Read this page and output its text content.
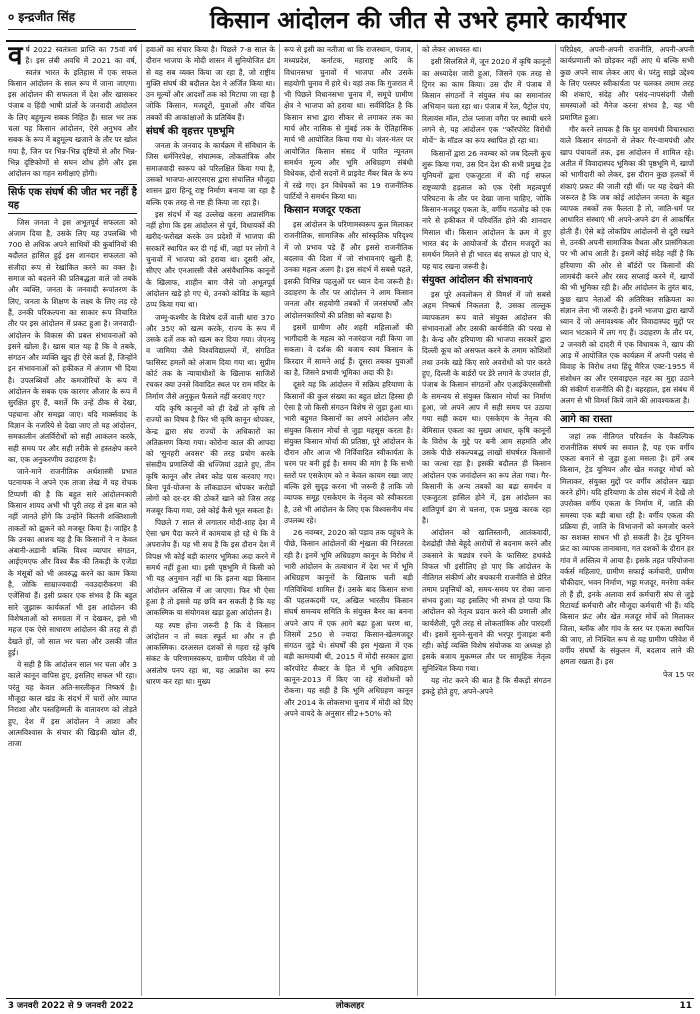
० इन्द्रजीत सिंह	किसान आंदोलन की जीत से उभरे हमारे कार्यभार

वर्ष 2022 स्वतंत्रता प्राप्ति का 75वां वर्ष है। इस लंबी अवधि में 2021 का वर्ष, स्वतंत्र भारत के इतिहास में एक सफल किसान आंदोलन के साल रूप में जाना जाएगा। इस आंदोलन की सफलता में देश और खासकर पंजाब व हिंदी भाषी प्रांतों के जनवादी आंदोलन के लिए बहुमूल्य सबक निहित हैं। साल भर तक चला यह किसान आंदोलन, ऐसे अनुभव और सबक के रूप में बहुमूल्य खजाने के तौर पर खोल गया है, जिन पर भिन्न-भिन्न दृष्टियों से और भिन्न-भिन्न दृष्टिकोणों से सघन शोध होंगे और इस आंदोलन का गहन समीक्षाएं होंगी।

सिर्फ एक संघर्ष की जीत भर नहीं है यह

जिस जनता ने इस अभूतपूर्व सफलता को अंजाम दिया है, उसके लिए यह उपलब्धि भी 700 से अधिक अपने साथियों की कुर्बानियों की बदौलत हासिल हुई इस शानदार सफलता को संजीदा रूप से रेखांकित करने का वक्त है। समाज को बदलने की प्रतिबद्धता वाले जो तबके और व्यक्ति, जनता के जनवादी रूपांतरण के लिए, जनता के शिक्षण के लक्ष्य के लिए लड़ रहे हैं, उनकी परिकल्पना का साकार रूप विचारित तौर पर इस आंदोलन में प्रकट हुआ है। जनवादी-आंदोलन के विकास की प्रबल संभावनाओं को इसने खोला है। खास बात यह है कि वे तबके, संगठन और व्यक्ति खुद ही ऐसे कर्ता हैं, जिन्होंने इन संभावनाओं को हकीकत में अंजाम भी दिया है। उपलब्धियों और कमजोरियों के रूप में आंदोलन के सबक एक कारगर औजार के रूप में सुरक्षित हुए हैं, बशर्ते कि उन्हें ठीक से देखा, पहचाना और समझा जाए। यदि मार्क्सवाद के विज्ञान के नजरिये से देखा जाए तो यह आंदोलन, समकालीन अंतर्विरोधों को सही आकलन करके, सही समय पर और सही तरीके से हस्तक्षेप करने का, एक अनुकरणीय उदाहरण है।

जाने-माने राजनीतिक अर्थशास्त्री प्रभात पटनायक ने अपने एक ताजा लेख में यह रोचक टिप्पणी की है कि बहुत सारे आंदोलनकारी किसान शायद अभी भी पूरी तरह से इस बात को नहीं जानते होंगे कि उन्होंने कितनी शक्तिशाली ताकतों को झुकने को मजबूर किया है। जाहिर है कि उनका आशय यह है कि किसानों ने न केवल अंबानी-अडानी बल्कि विश्व व्यापार संगठन, आईएमएफ और विश्व बैंक की तिकड़ी के एजेंडा के मंसूबों को भी अवरुद्ध करने का काम किया है, जोकि साम्राज्यवादी नवउदारीकरण की एजेंसियां हैं। इसी प्रकार एक संभव है कि बहुत सारे जुझारू कार्यकर्ता भी इस आंदोलन की विशेषताओं को समग्रता में न देखकर, इसे भी महज एक ऐसे साधारण आंदोलन की तरह से ही देखते हों, जो साल भर चला और उसकी जीत हुई।

ये सही है कि आंदोलन साल भर चला और 3 काले कानून वापिस हुए, इसलिए सफल भी रहा। परंतु यह केवल अति-सरलीकृत निष्कर्ष है। मौजूदा काल खंड के संदर्भ में चारों ओर व्याप्त निराशा और पस्तहिम्मती के वातावरण को तोड़ते हुए, देश में इस आंदोलन ने आशा और आत्मविश्वास के संचार की खिड़की खोल दी, ताजा

हवाओं का संचार किया है। पिछले 7-8 साल के दौरान भाजपा के मोदी शासन में सुनियोजित ढंग से यह सब व्यक्त किया जा रहा है, जो राष्ट्रीय मुक्ति संघर्ष की बदौलत देश ने अर्जित किया था। उन मूल्यों और आदर्शों तक को मिटाया जा रहा है जोकि किसान, मजदूरों, युवाओं और वंचित तबकों की आकांक्षाओं के प्रतिबिंब हैं।

संघर्ष की वृहत्तर पृष्ठभूमि

जनता के जनवाद के कार्यक्रम में संविधान के जिस धर्मनिरपेक्ष, संघात्मक, लोकतांत्रिक और समाजवादी स्वरूप को परिलक्षित किया गया है, उसको भाजपा-आरएसएस द्वारा संचालित मौजूदा शासन द्वारा हिन्दू राष्ट्र निर्माण बनाया जा रहा है बल्कि एक तरह से नष्ट ही किया जा रहा है।

इस संदर्भ में यह उल्लेख करना अप्रासंगिक नहीं होगा कि इस आंदोलन से पूर्व, विधायकों की खरीद-फरोख्त करके उन प्रदेशों में भाजपा की सरकारें स्थापित कर दी गई थीं, जहां पर लोगों ने चुनावों में भाजपा को हराया था। दूसरी ओर, सीएए और एनआरसी जैसे असंवैधानिक कानूनों के खिलाफ, शाहीन बाग जैसे जो अभूतपूर्व आंदोलन खड़े हो गए थे, उनको कोविड के बहाने ठप्प किया गया था।

जम्मू-कश्मीर के विशेष दर्जे वाली धारा 370 और 35ए को खत्म करके, राज्य के रूप में उसके दर्जे तक को खत्म कर दिया गया। जेएनयू व जामिया जैसे विश्वविद्यालयों में, संगठित फासिस्ट हमलों को अंजाम दिया गया था। सुप्रीम कोर्ट तक के न्यायाधीशों के खिलाफ साजिशें रचकर क्या उनसे विवादित स्थल पर राम मंदिर के निर्माण जैसे अनुकूल फैसले नहीं करवाए गए?

यदि कृषि कानूनों को ही देखें तो कृषि तो राज्यों का विषय है फिर भी कृषि कानून थोपकर, केन्द्र द्वारा संघ राज्यों के अधिकारों का अतिक्रमण किया गया। कोरोना काल की आपदा को 'सुनहरी अवसर' की तरह प्रयोग करके संसदीय प्रणालियों की धज्जियां उड़ाते हुए, तीन कृषि कानून और लेबर कोड पास करवाए गए। बिना पूर्व-योजना के लॉकडाउन थोपकर करोड़ों लोगों को दर-दर की ठोकरें खाने को जिस तरह मजबूर किया गया, उसे कोई कैसे भूल सकता है।

पिछले 7 साल से लगातार मोदी-शाह देश में ऐसा भ्रम पैदा करने में कामयाब हो रहे थे कि वे अपराजेय हैं। यह भी सच है कि इस दौरान देश में विपक्ष भी कोई बड़ी कारगर भूमिका अदा करने में समर्थ नहीं हुआ था। इसी पृष्ठभूमि में किसी को भी यह अनुमान नहीं था कि इतना बड़ा किसान आंदोलन अस्तित्व में आ जाएगा। फिर भी ऐसा हुआ है तो इससे यह छवि बन सकती है कि यह आकस्मिक या संयोगवश खड़ा हुआ आंदोलन है।

यह स्पष्ट होना जरूरी है कि ये किसान आंदोलन न तो स्वतः स्फूर्त था और न ही आकस्मिक। दरअसल दशकों से गहरा रहे कृषि संकट के परिणामस्वरूप, ग्रामीण परिवेश में जो असंतोष पनप रहा था, यह आक्रोश का रूप धारण कर रहा था। मुख्य

रूप से इसी का नतीजा था कि राजस्थान, पंजाब, मध्यप्रदेश, कर्नाटक, महाराष्ट्र आदि के विधानसभा चुनावों में भाजपा और उसके सहयोगी चुनाव में हारे थे। यहां तक कि गुजरात में भी पिछले विधानसभा चुनाव में, समूचे ग्रामीण क्षेत्र ने भाजपा को हराया था। सर्वविदित है कि किसान सभा द्वारा सीकर से लगाकर तक का मार्च और नासिक से मुंबई तक के ऐतिहासिक मार्च भी आयोजित किया गया थे। जंतर-मंतर पर आयोजित किसान संसद में पारित न्यूनतम समर्थन मूल्य और भूमि अधिग्रहण संबंधी विधेयक, दोनों सदनों में प्राइवेट मैंबर बिल के रूप में रखे गए। इन विधेयकों का 19 राजनीतिक पार्टियों ने समर्थन किया था।

किसान मजदूर एकता

इस आंदोलन के परिणामस्वरूप कुल मिलाकर राजनीतिक, सामाजिक और सांस्कृतिक परिदृश्य में जो प्रभाव पड़े हैं और इससे राजनीतिक बदलाव की दिशा में जो संभावनाएं खुली हैं, उनका महत्व अलग है। इस संदर्भ में सबसे पहले, इसकी विभिन्न पहलुओं पर ध्यान देना जरूरी है। उदाहरण के तौर पर आंदोलन ने आम किसान जनता और सहयोगी तबकों में जनसंघर्षों और आंदोलनकारियों की प्रतिष्ठा को बढ़ाया है।

इसमें ग्रामीण और शहरी महिलाओं की भागीदारी के महत्व को नजरंदाज नहीं किया जा सकता। वे दर्शक की बजाय स्वयं किसान के किरदार में सामने आई हैं। दूसरा तबका युवाओं का है, जिसने प्रभावी भूमिका अदा की है।

दूसरे यह कि आंदोलन में सक्रिय हरियाणा के किसानों की कुल संख्या का बहुत छोटा हिस्सा ही ऐसा है जो किसी संगठन विशेष से जुड़ा हुआ था। भारी बहुमत किसानों का अपने आंदोलन और संयुक्त किसान मोर्चा से जुड़ा महसूस करता है। संयुक्त किसान मोर्चा की प्रतिष्ठा, पूरे आंदोलन के दौरान और आज भी निर्विवादित स्वीकार्यता के चरम पर बनी हुई है। समय की मांग है कि सभी स्तरों पर एसकेएम को न केवल कायम रखा जाए बल्कि इसे सुदृढ़ करना भी जरूरी है ताकि जो व्यापक समूह एसकेएम के नेतृत्व को स्वीकारता है, उसे भी आंदोलन के लिए एक विश्वसनीय मंच उपलब्ध रहे।

26 नवम्बर, 2020 को पड़ाव तक पहुंचने के पीछे, किसान आंदोलनों की शृंखला की निरंतरता रही है। इनमें भूमि अधिग्रहण कानून के विरोध में भारी आंदोलन के तत्वाधान में देश भर में भूमि अधिग्रहण कानूनों के खिलाफ चली बड़ी गतिविधियां शामिल हैं। उसके बाद किसान सभा की पहलकदमी पर, अखिल भारतीय किसान संघर्ष समन्वय समिति के संयुक्त बैनर का बनना अपने आप में एक आगे बढ़ा हुआ चरण था, जिसमें 250 से ज्यादा किसान-खेतमजदूर संगठन जुड़े थे। संघर्षों की इस शृंखला में एक बड़ी कामयाबी थी, 2015 में मोदी सरकार द्वारा कॉरपोरेट सैक्टर के हित में भूमि अधिग्रहण कानून-2013 में किए जा रहे संशोधनों को रोकना। यह सही है कि भूमि अधिग्रहण कानून और 2014 के लोकसभा चुनाव में मोदी को दिए अपने वायदे के अनुसार सी2+50% को

को लेकर आश्वस्त था।

इसी सिलसिले में, जून 2020 में कृषि कानूनों का अध्यादेश जारी हुआ, जिसने एक तरह से ट्रिगर का काम किया। उस दौर में पंजाब में किसान संगठनों ने संयुक्त मंच का समानांतर अभियान चला रहा था। पंजाब में रेल, पैट्रोल पंप, रिलायंस मॉल, टोल प्लाजा वगैरा पर स्थायी धरने लगने से, यह आंदोलन एक ''कॉरपोरेट विरोधी मोर्चे'' के मॉडल का रूप स्थापित हो रहा था।

किसानों द्वारा 26 नवम्बर को जब दिल्ली कूच शुरू किया गया, उस दिन देश की सभी प्रमुख ट्रेड यूनियनों द्वारा एकजुटता में की गई सफल राष्ट्रव्यापी हड़ताल को एक ऐसी महत्वपूर्ण परिघटना के तौर पर देखा जाना चाहिए, जोकि किसान-मजदूर एकता के, वर्गीय गठजोड़ को एक नारे से हकीकत में परिवर्तित होने की शानदार मिसाल थी। किसान आंदोलन के क्रम में हुए भारत बंद के आयोजनों के दौरान मजदूरों का समर्थन मिलने से ही भारत बंद सफल हो पाए थे, यह याद रखना जरूरी है।

संयुक्त आंदोलन की संभावनाएं

इस पूरे अवलोकन से विमर्श में जो सबसे अहम निष्कर्ष निकलता है, उसका ताल्लुक व्यापकतम रूप वाले संयुक्त आंदोलन की संभावनाओं और उसकी कार्यनीति की परख से है। केन्द्र और हरियाणा की भाजपा सरकारें द्वारा दिल्ली कूच को असफल करने के तमाम कोशिशों तथा उनके खड़े किए सारे अवरोधों को पार करते हुए, दिल्ली के बार्डरों पर डेरे लगाने के उपरांत ही, पंजाब के किसान संगठनों और एआईकेएससीसी के समन्वय से संयुक्त किसान मोर्चा का निर्माण हुआ, जो अपने आप में सही समय पर उठाया गया सही कदम था। एसकेएम के नेतृत्व की बेमिसाल एकता का मुख्य आधार, कृषि कानूनों के विरोध के मुद्दे पर बनी आम सहमति और उसके पीछे संकल्पबद्ध लाखों संघर्षरत किसानों का जत्था रहा है। इसकी बदौलत ही किसान आंदोलन एक जनांदोलन का रूप लेता गया। गैर-किसानी के अन्य तबकों का बढ़ा समर्थन व एकजुटता हासिल होने में, इस आंदोलन का शांतिपूर्ण ढंग से चलना, एक प्रमुख कारक रहा है।

आंदोलन को खालिस्तानी, आतंकवादी, देशद्रोही जैसे बेहूदे आरोपों से बदनाम करने और उकसाने के षड्यंत्र रचने के फासिस्ट हथकंडे विफल भी इसीलिए हो पाए कि आंदोलन के नीतिगत संकीर्ण और बचकानी राजनीति से प्रेरित तमाम प्रवृत्तियों को, समय-समय पर रोका जाना संभव हुआ। यह इसलिए भी संभव हो पाया कि आंदोलन को नेतृत्व प्रदान करने की प्रणाली और कार्यशैली, पूरी तरह से लोकतांत्रिक और पारदर्शी थी। इसमें सुनने-सुनाने की भरपूर गुंजाइश बनी रही। कोई व्यक्ति विशेष संयोजक या अध्यक्ष हो इसके बजाय मुकम्मल तौर पर सामूहिक नेतृत्व सुनिश्चित किया गया।

यह नोट करने की बात है कि सैकड़ों संगठन इकट्ठे होते हुए, अपने-अपने

परिप्रेक्ष्य, अपनी-अपनी राजनीति, अपनी-अपनी कार्यप्रणाली को छोड़कर नहीं आए थे बल्कि सभी कुछ अपने साथ लेकर आए थे। परंतु साझे उद्देश्य के लिए परस्पर स्वीकार्यता पर चलकर तमाम तरह की शंकाएं, संदेह और पसंद-नापसंदगी जैसी समस्याओं को मैनेज करना संभव है, यह भी प्रमाणित हुआ।

गौर करने लायक है कि घुर वामपंथी विचारधारा वाले किसान संगठनों से लेकर गैर-वामपंथी और खाप पंचायतों तक, इस आंदोलन में शामिल रहे। अतीत में विवादास्पद भूमिका की पृष्ठभूमि में, खापों को भागीदारी को लेकर, इस दौरान कुछ हलकों में शंकाएं प्रकट की जाती रही थीं। पर यह देखने की जरूरत है कि जब कोई आंदोलन जनता के बहुत व्यापक तबकों तक फैलता है तो, जाति-धर्म पर आधारित संस्थाएं भी अपने-अपने ढंग से आकर्षित होती हैं। ऐसे बड़े लोकप्रिय आंदोलनों से दूरी रखने से, उनकी अपनी सामाजिक वैधता और प्रासंगिकता पर भी आंच आती है। इसमें कोई संदेह नहीं है कि हरियाणा की ओर से बॉर्डरों पर किसानों की लामबंदी करने और रसद सप्लाई करने में, खापों की भी भूमिका रही है। और आंदोलन के तुरंत बाद, कुछ खाप नेताओं की अतिरिक्त सक्रियता का संज्ञान लेना भी जरूरी है। इनमें भाजपा द्वारा खापों ध्यान दें जो अनावश्यक और विवादास्पद मुद्दों पर ध्यान भटकाने में लग गए हैं। उदाहरण के तौर पर, 2 जनवरी को दादरी में एक विधायक ने, खाप की आड़ में आयोजित एक कार्यक्रम में अपनी पसंद से विवाह के विरोध तथा हिंदू मैरिज एक्ट-1955 में संशोधन का और एसवाइएल नहर का मुद्दा उठाने की संकीर्ण राजनीति की है। बहरहाल, इस संबंध में अलग से भी विमर्श किये जाने की आवश्यकता है।

आगे का रास्ता

जहां तक नीतिगत परिवर्तन के वैकल्पिक राजनीतिक संघर्ष का सवाल है, यह एक वर्गीय एकता बनाने से जुड़ा हुआ मसला है। हमें अब किसान, ट्रेड यूनियन और खेत मजदूर मोर्चा को मिलाकर, संयुक्त मुद्दों पर वर्गीय आंदोलन खड़ा करने होंगे। यदि हरियाणा के ठोस संदर्भ में देखें तो उपरोक्त वर्गीय एकता के निर्माण में, जाति की समस्या एक बड़ी बाधा रही है। वर्गीय एकता की प्रक्रिया ही, जाति के विभाजनों को कमजोर करने का सशक्त साधन भी हो सकती है। ट्रेड यूनियन फ्रंट का व्यापक तानाबाना, गत दशकों के दौरान हर गांव में अस्तित्व में आया है। इसके तहत परियोजना वर्कर्स महिलाएं, ग्रामीण सफाई कर्मचारी, ग्रामीण चौकीदार, भवन निर्माण, भट्ठा मजदूर, मनरेगा वर्कर तो हैं ही, इनके अलावा सर्व कर्मचारी संघ से जुड़े रिटायर्ड कर्मचारी और मौजूदा कर्मचारी भी हैं। यदि किसान फ्रंट और खेत मजदूर मोर्चे को मिलाकर जिला, ब्लॉक और गांव के स्तर पर एकता स्थापित की जाए, तो निश्चित रूप से यह ग्रामीण परिवेश में वर्गीय संघर्षों के संकुलन में, बदलाव लाने की क्षमता रखता है। इस

पेज 15 पर
3 जनवरी 2022 से 9 जनवरी 2022	लोकलहर	11
